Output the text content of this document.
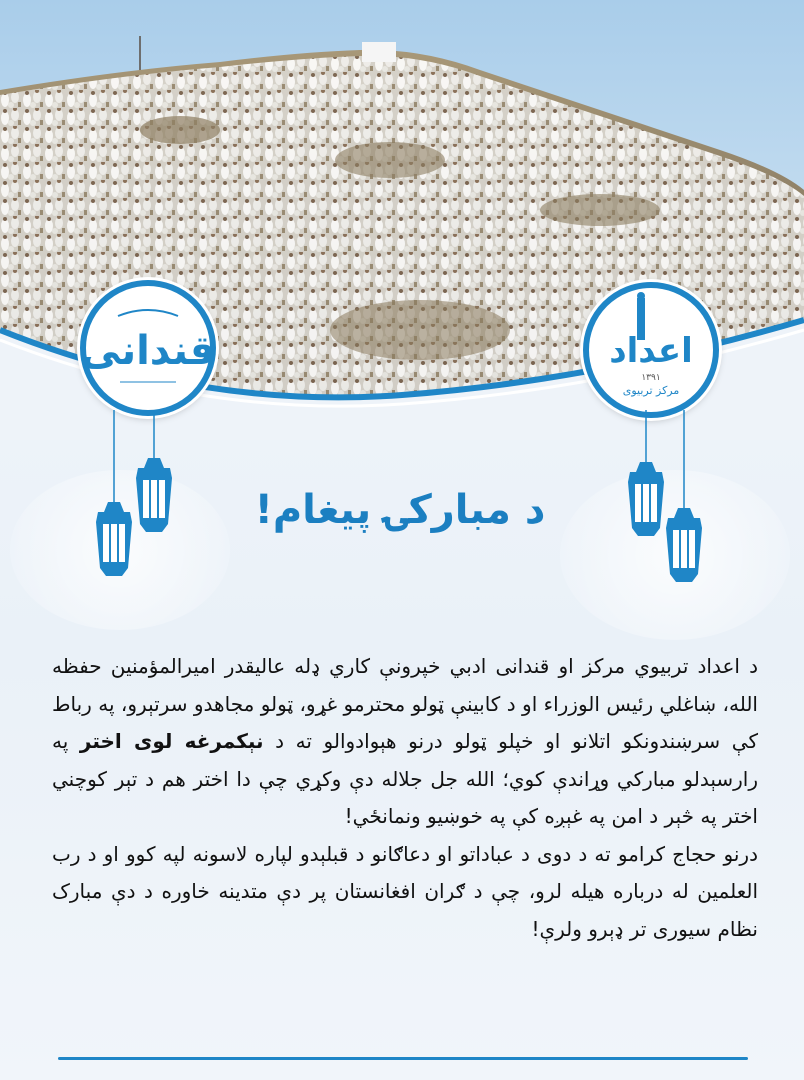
قندانی	اعداد
١٣٩١
مرکز تربیوی
د مبارکۍ پیغام!

د اعداد تربیوي مرکز او قندانی ادبي خپرونې کاري ډله عالیقدر امیرالمؤمنین حفظه الله، ښاغلي رئیس الوزراء او د کابینې ټولو محترمو غړو، ټولو مجاهدو سرتېرو، په رباط کې سرښندونکو اتلانو او خپلو ټولو درنو هېوادوالو ته د نېکمرغه لوی اختر په رارسېدلو مبارکي وړاندې کوي؛ الله جل جلاله دې وکړي چې دا اختر هم د تېر کوچني اختر په څېر د امن په غېږه کې په خوښیو ونمانځي!

درنو حجاج کرامو ته د دوی د عباداتو او دعاګانو د قبلېدو لپاره لاسونه لپه کوو او د رب العلمین له درباره هیله لرو، چې د ګران افغانستان پر دې متدینه خاوره د دې مبارک نظام سیوری تر ډېرو ولرې!
